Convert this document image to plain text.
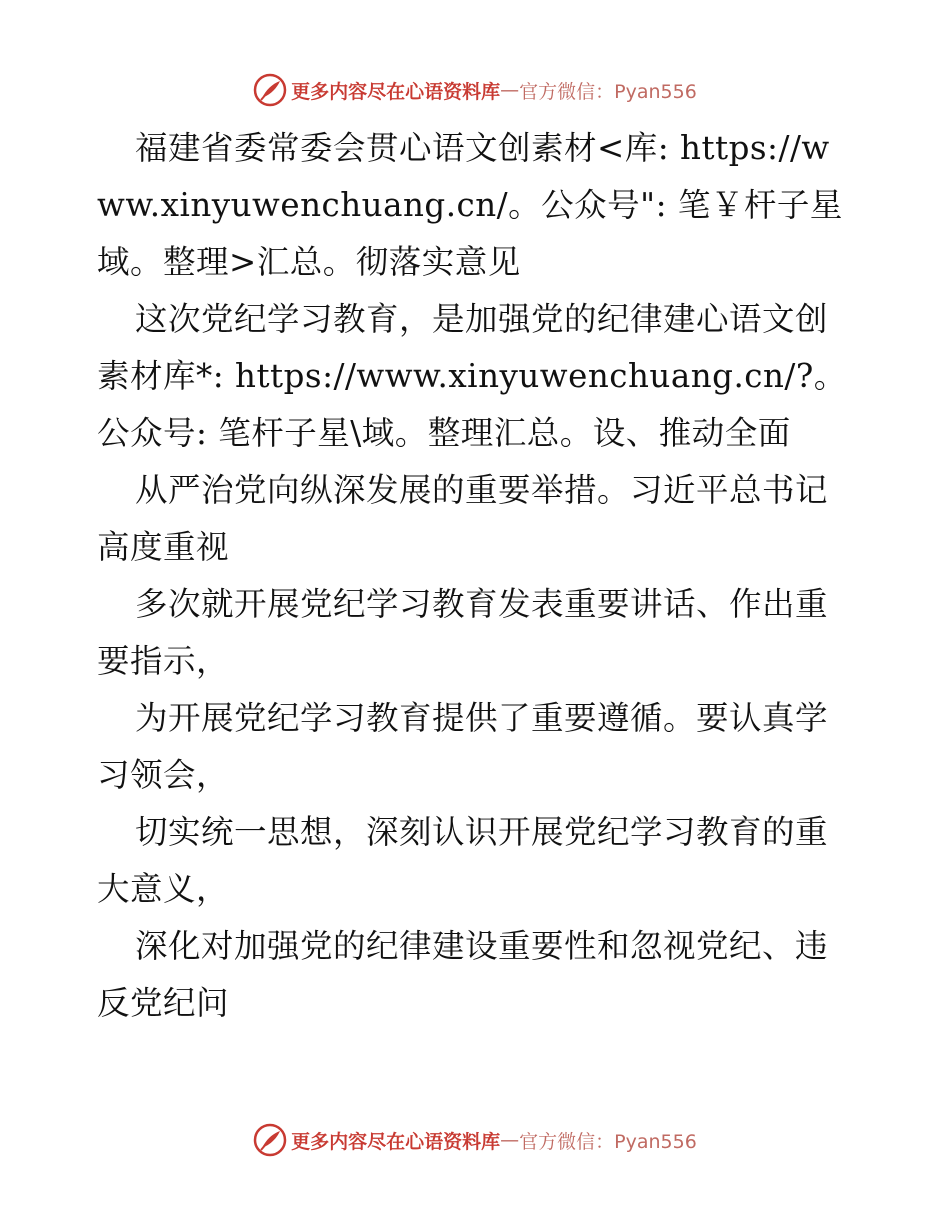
更多内容尽在心语资料库 — 官方微信：Pyan556

福建省委常委会贯心语文创素材<库: https://www.xinyuwenchuang.cn/。公众号": 笔￥杆子星域。整理>汇总。彻落实意见

这次党纪学习教育，是加强党的纪律建心语文创素材库*: https://www.xinyuwenchuang.cn/?。公众号: 笔杆子星\域。整理汇总。设、推动全面

从严治党向纵深发展的重要举措。习近平总书记高度重视

多次就开展党纪学习教育发表重要讲话、作出重要指示，

为开展党纪学习教育提供了重要遵循。要认真学习领会，

切实统一思想，深刻认识开展党纪学习教育的重大意义，

深化对加强党的纪律建设重要性和忽视党纪、违反党纪问

更多内容尽在心语资料库 — 官方微信：Pyan556
